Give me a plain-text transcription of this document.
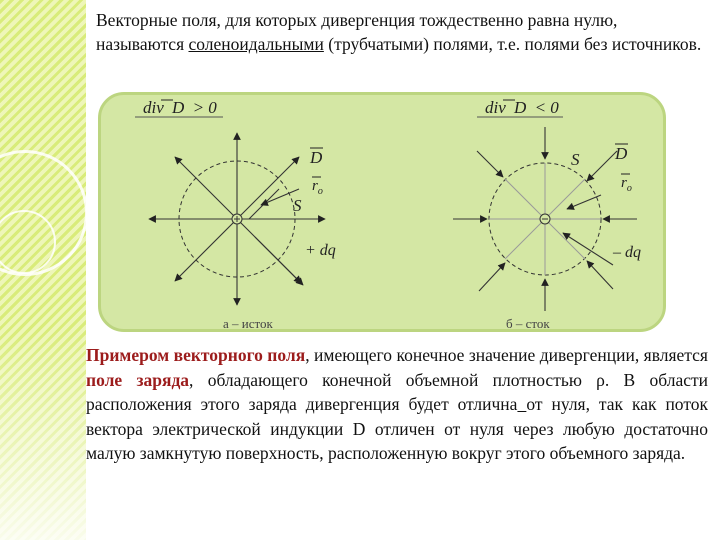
Векторные поля, для которых дивергенция тождественно равна нулю, называются соленоидальными (трубчатыми) полями, т.е. полями без источников.
div D > 0
D
$r_o$
S
+ dq
а – исток
div D < 0
D
S
$r_o$
– dq
б – сток
Примером векторного поля, имеющего конечное значение дивергенции, является поле заряда, обладающего конечной объемной плотностью ρ. В области расположения этого заряда дивергенция будет отлична от нуля, так как поток вектора электрической индукции D отличен от нуля через любую достаточно малую замкнутую поверхность, расположенную вокруг этого объемного заряда.
